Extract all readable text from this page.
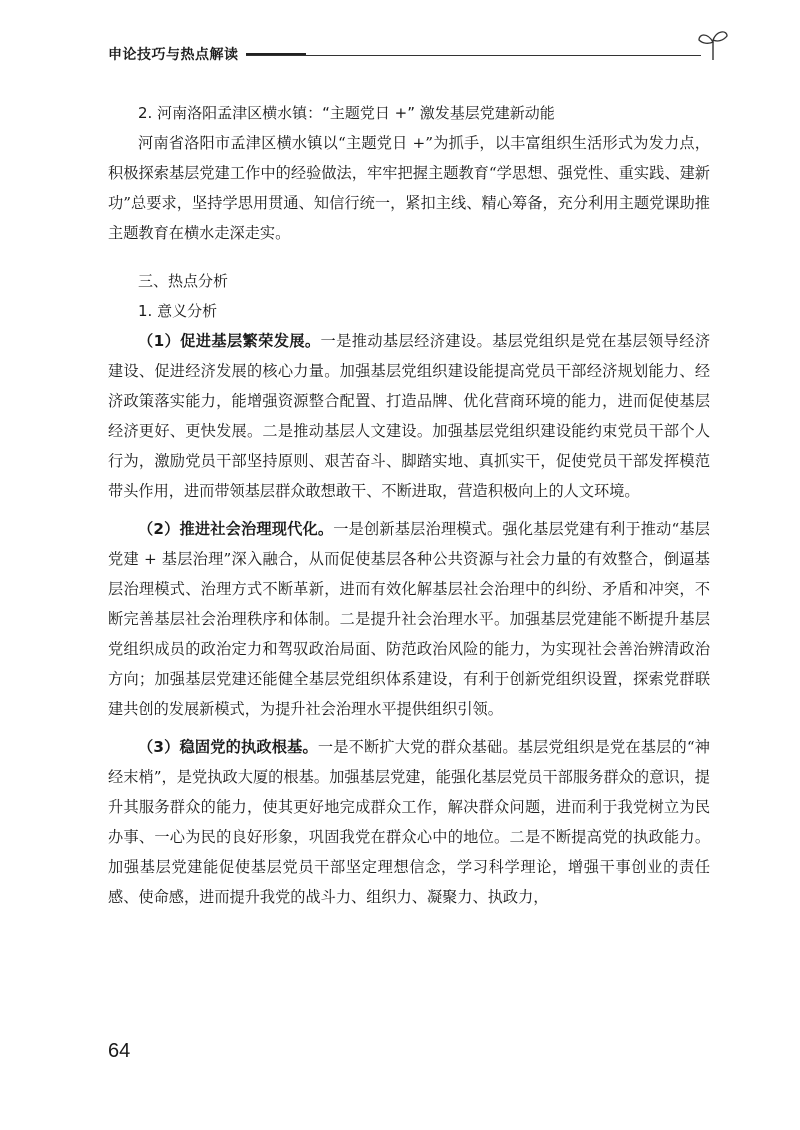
申论技巧与热点解读

2. 河南洛阳孟津区横水镇：“主题党日 +” 激发基层党建新动能

河南省洛阳市孟津区横水镇以“主题党日 +”为抓手，以丰富组织生活形式为发力点，积极探索基层党建工作中的经验做法，牢牢把握主题教育“学思想、强党性、重实践、建新功”总要求，坚持学思用贯通、知信行统一，紧扣主线、精心筹备，充分利用主题党课助推主题教育在横水走深走实。

三、热点分析

1. 意义分析

（1）促进基层繁荣发展。一是推动基层经济建设。基层党组织是党在基层领导经济建设、促进经济发展的核心力量。加强基层党组织建设能提高党员干部经济规划能力、经济政策落实能力，能增强资源整合配置、打造品牌、优化营商环境的能力，进而促使基层经济更好、更快发展。二是推动基层人文建设。加强基层党组织建设能约束党员干部个人行为，激励党员干部坚持原则、艰苦奋斗、脚踏实地、真抓实干，促使党员干部发挥模范带头作用，进而带领基层群众敢想敢干、不断进取，营造积极向上的人文环境。

（2）推进社会治理现代化。一是创新基层治理模式。强化基层党建有利于推动“基层党建 + 基层治理”深入融合，从而促使基层各种公共资源与社会力量的有效整合，倒逼基层治理模式、治理方式不断革新，进而有效化解基层社会治理中的纠纷、矛盾和冲突，不断完善基层社会治理秩序和体制。二是提升社会治理水平。加强基层党建能不断提升基层党组织成员的政治定力和驾驭政治局面、防范政治风险的能力，为实现社会善治辨清政治方向；加强基层党建还能健全基层党组织体系建设，有利于创新党组织设置，探索党群联建共创的发展新模式，为提升社会治理水平提供组织引领。

（3）稳固党的执政根基。一是不断扩大党的群众基础。基层党组织是党在基层的“神经末梢”，是党执政大厦的根基。加强基层党建，能强化基层党员干部服务群众的意识，提升其服务群众的能力，使其更好地完成群众工作，解决群众问题，进而利于我党树立为民办事、一心为民的良好形象，巩固我党在群众心中的地位。二是不断提高党的执政能力。加强基层党建能促使基层党员干部坚定理想信念，学习科学理论，增强干事创业的责任感、使命感，进而提升我党的战斗力、组织力、凝聚力、执政力，

64
